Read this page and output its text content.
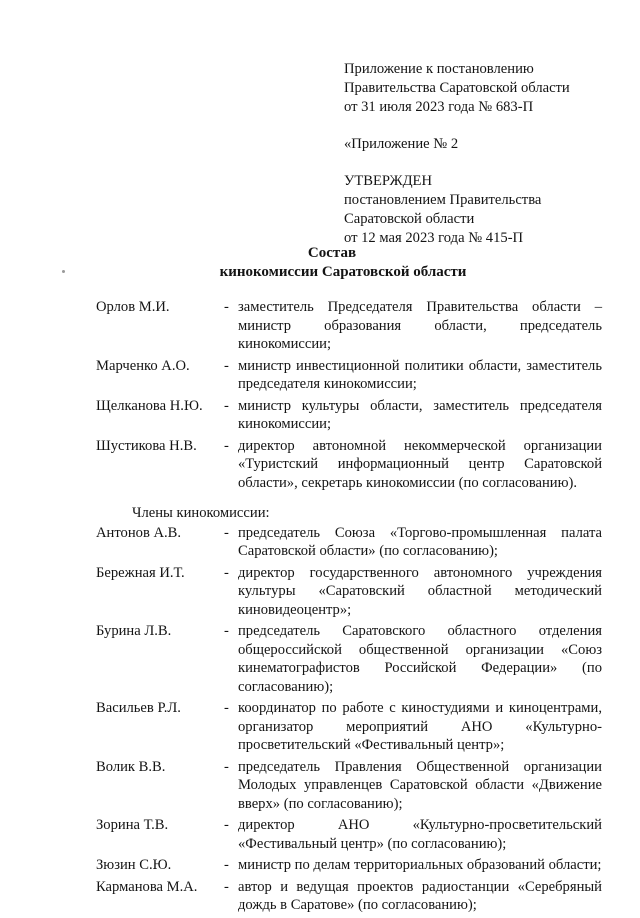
Приложение к постановлению
Правительства Саратовской области
от 31 июля 2023 года № 683-П
«Приложение № 2
УТВЕРЖДЕН
постановлением Правительства
Саратовской области
от 12 мая 2023 года № 415-П
Состав
кинокомиссии Саратовской области
Орлов М.И.	- заместитель Председателя Правительства области – министр образования области, председатель кинокомиссии;
Марченко А.О.	- министр инвестиционной политики области, заместитель председателя кинокомиссии;
Щелканова Н.Ю.	- министр культуры области, заместитель председателя кинокомиссии;
Шустикова Н.В.	- директор автономной некоммерческой организации «Туристский информационный центр Саратовской области», секретарь кинокомиссии (по согласованию).
Члены кинокомиссии:
Антонов А.В.	- председатель Союза «Торгово-промышленная палата Саратовской области» (по согласованию);
Бережная И.Т.	- директор государственного автономного учреждения культуры «Саратовский областной методический киновидеоцентр»;
Бурина Л.В.	- председатель Саратовского областного отделения общероссийской общественной организации «Союз кинематографистов Российской Федерации» (по согласованию);
Васильев Р.Л.	- координатор по работе с киностудиями и киноцентрами, организатор мероприятий АНО «Культурно-просветительский «Фестивальный центр»;
Волик В.В.	- председатель Правления Общественной организации Молодых управленцев Саратовской области «Движение вверх» (по согласованию);
Зорина Т.В.	- директор АНО «Культурно-просветительский «Фестивальный центр» (по согласованию);
Зюзин С.Ю.	- министр по делам территориальных образований области;
Карманова М.А.	- автор и ведущая проектов радиостанции «Серебряный дождь в Саратове» (по согласованию);
